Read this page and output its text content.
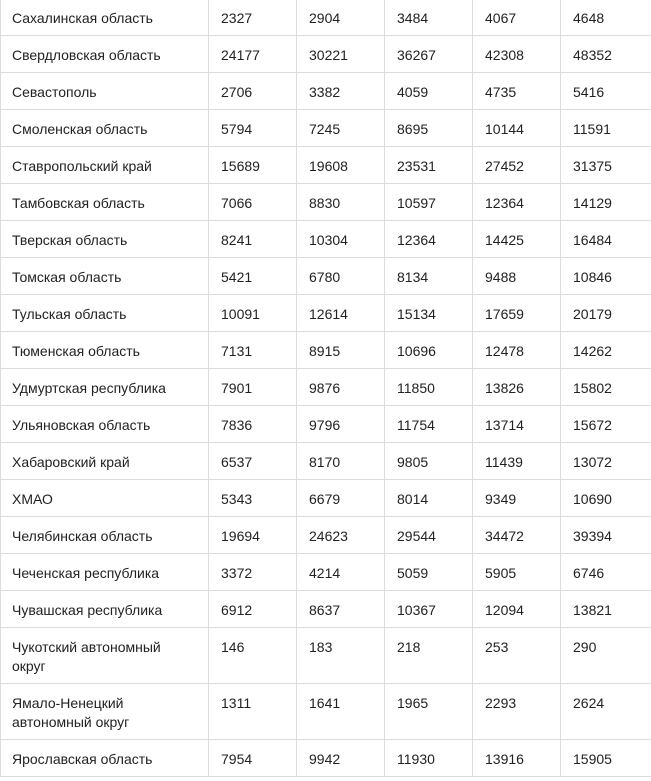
Сахалинская область	2327	2904	3484	4067	4648
Свердловская область	24177	30221	36267	42308	48352
Севастополь	2706	3382	4059	4735	5416
Смоленская область	5794	7245	8695	10144	11591
Ставропольский край	15689	19608	23531	27452	31375
Тамбовская область	7066	8830	10597	12364	14129
Тверская область	8241	10304	12364	14425	16484
Томская область	5421	6780	8134	9488	10846
Тульская область	10091	12614	15134	17659	20179
Тюменская область	7131	8915	10696	12478	14262
Удмуртская республика	7901	9876	11850	13826	15802
Ульяновская область	7836	9796	11754	13714	15672
Хабаровский край	6537	8170	9805	11439	13072
ХМАО	5343	6679	8014	9349	10690
Челябинская область	19694	24623	29544	34472	39394
Чеченская республика	3372	4214	5059	5905	6746
Чувашская республика	6912	8637	10367	12094	13821
Чукотский автономный округ	146	183	218	253	290
Ямало-Ненецкий автономный округ	1311	1641	1965	2293	2624
Ярославская область	7954	9942	11930	13916	15905
